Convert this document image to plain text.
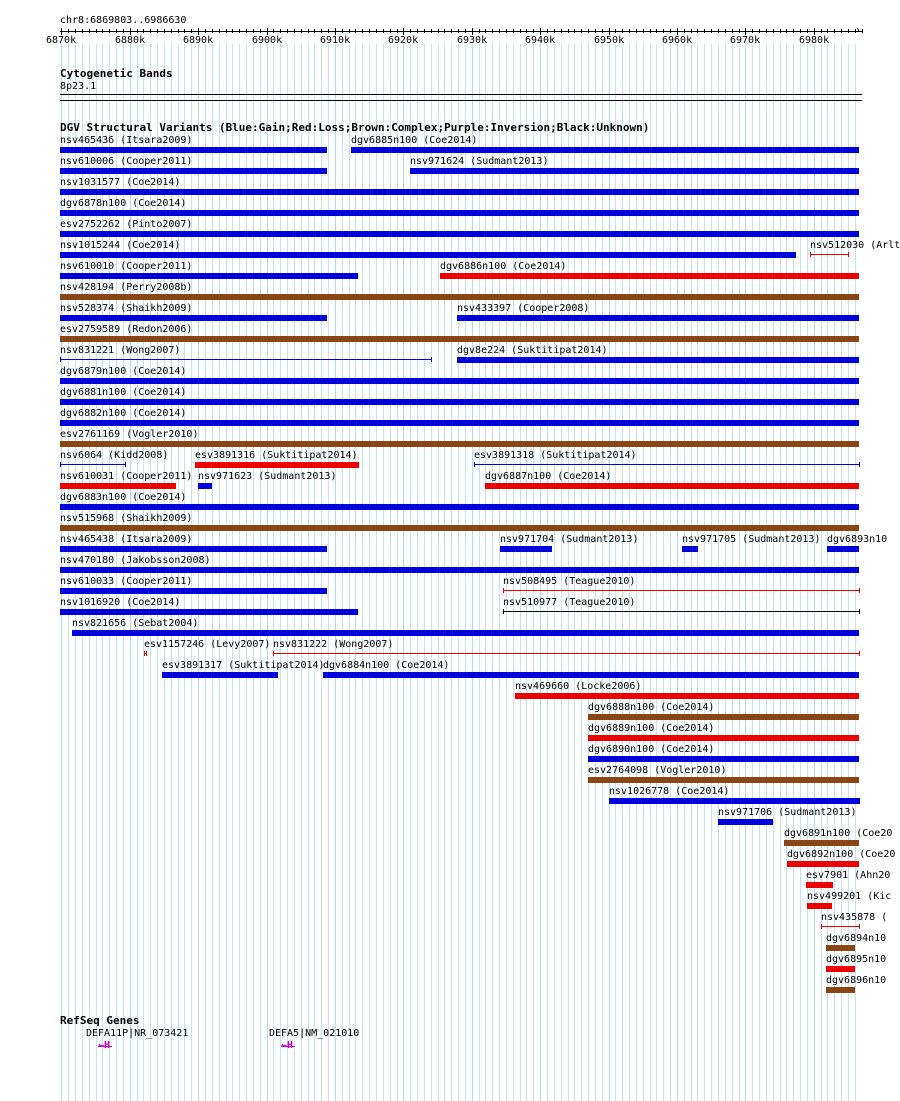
chr8:6869803..6986630
6870k	6880k	6890k	6900k	6910k	6920k	6930k	6940k	6950k	6960k	6970k	6980k
›
Cytogenetic Bands
8p23.1
DGV Structural Variants (Blue:Gain;Red:Loss;Brown:Complex;Purple:Inversion;Black:Unknown)
nsv465436 (Itsara2009)	dgv6885n100 (Coe2014)
nsv610006 (Cooper2011)	nsv971624 (Sudmant2013)
nsv1031577 (Coe2014)
dgv6878n100 (Coe2014)
esv2752262 (Pinto2007)
nsv1015244 (Coe2014)	nsv512030 (Arlt
nsv610010 (Cooper2011)	dgv6886n100 (Coe2014)
nsv428194 (Perry2008b)
nsv528374 (Shaikh2009)	nsv433397 (Cooper2008)
esv2759589 (Redon2006)
nsv831221 (Wong2007)	dgv8e224 (Suktitipat2014)
dgv6879n100 (Coe2014)
dgv6881n100 (Coe2014)
dgv6882n100 (Coe2014)
esv2761169 (Vogler2010)
nsv6064 (Kidd2008)	esv3891316 (Suktitipat2014)	esv3891318 (Suktitipat2014)
nsv610031 (Cooper2011) nsv971623 (Sudmant2013)	dgv6887n100 (Coe2014)
dgv6883n100 (Coe2014)
nsv515968 (Shaikh2009)
nsv465438 (Itsara2009)	nsv971704 (Sudmant2013)	nsv971705 (Sudmant2013) dgv6893n10
nsv470180 (Jakobsson2008)
nsv610033 (Cooper2011)	nsv508495 (Teague2010)
nsv1016920 (Coe2014)	nsv510977 (Teague2010)
nsv821656 (Sebat2004)
esv1157246 (Levy2007) nsv831222 (Wong2007)
esv3891317 (Suktitipat2014)
dgv6884n100 (Coe2014)
nsv469660 (Locke2006)
dgv6888n100 (Coe2014)
dgv6889n100 (Coe2014)
dgv6890n100 (Coe2014)
esv2764098 (Vogler2010)
nsv1026778 (Coe2014)
nsv971706 (Sudmant2013)
dgv6891n100 (Coe20
dgv6892n100 (Coe20
esv7901 (Ahn20
nsv499201 (Kic
nsv435878 (
dgv6894n10
dgv6895n10
dgv6896n10
RefSeq Genes
DEFA11P|NR_073421	DEFA5|NM_021010
